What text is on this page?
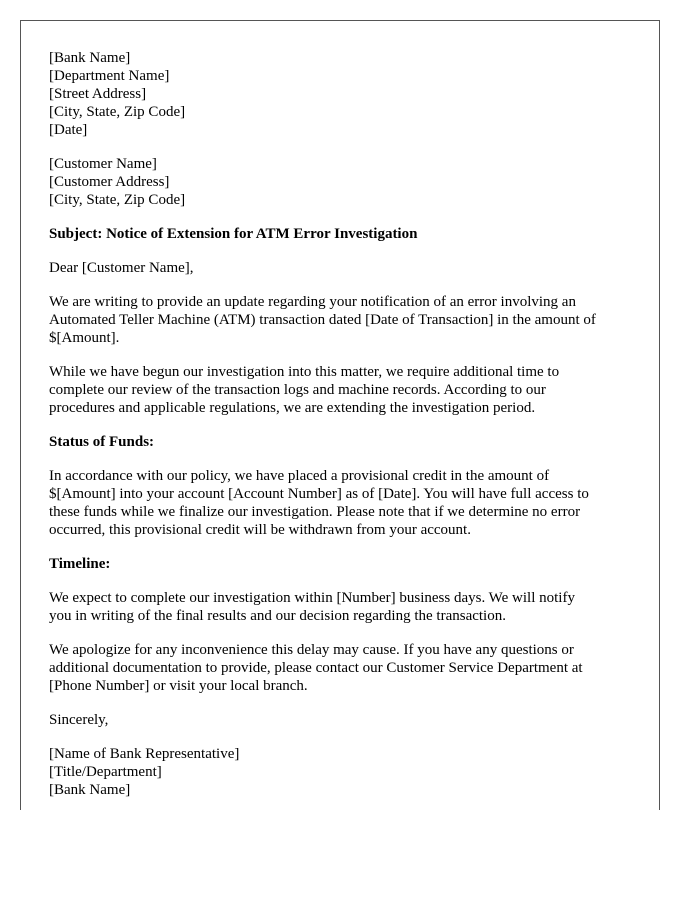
[Bank Name]
[Department Name]
[Street Address]
[City, State, Zip Code]
[Date]
[Customer Name]
[Customer Address]
[City, State, Zip Code]

Subject: Notice of Extension for ATM Error Investigation

Dear [Customer Name],

We are writing to provide an update regarding your notification of an error involving an
Automated Teller Machine (ATM) transaction dated [Date of Transaction] in the amount of
$[Amount].

While we have begun our investigation into this matter, we require additional time to
complete our review of the transaction logs and machine records. According to our
procedures and applicable regulations, we are extending the investigation period.

Status of Funds:

In accordance with our policy, we have placed a provisional credit in the amount of
$[Amount] into your account [Account Number] as of [Date]. You will have full access to
these funds while we finalize our investigation. Please note that if we determine no error
occurred, this provisional credit will be withdrawn from your account.

Timeline:

We expect to complete our investigation within [Number] business days. We will notify
you in writing of the final results and our decision regarding the transaction.

We apologize for any inconvenience this delay may cause. If you have any questions or
additional documentation to provide, please contact our Customer Service Department at
[Phone Number] or visit your local branch.

Sincerely,

[Name of Bank Representative]
[Title/Department]
[Bank Name]
